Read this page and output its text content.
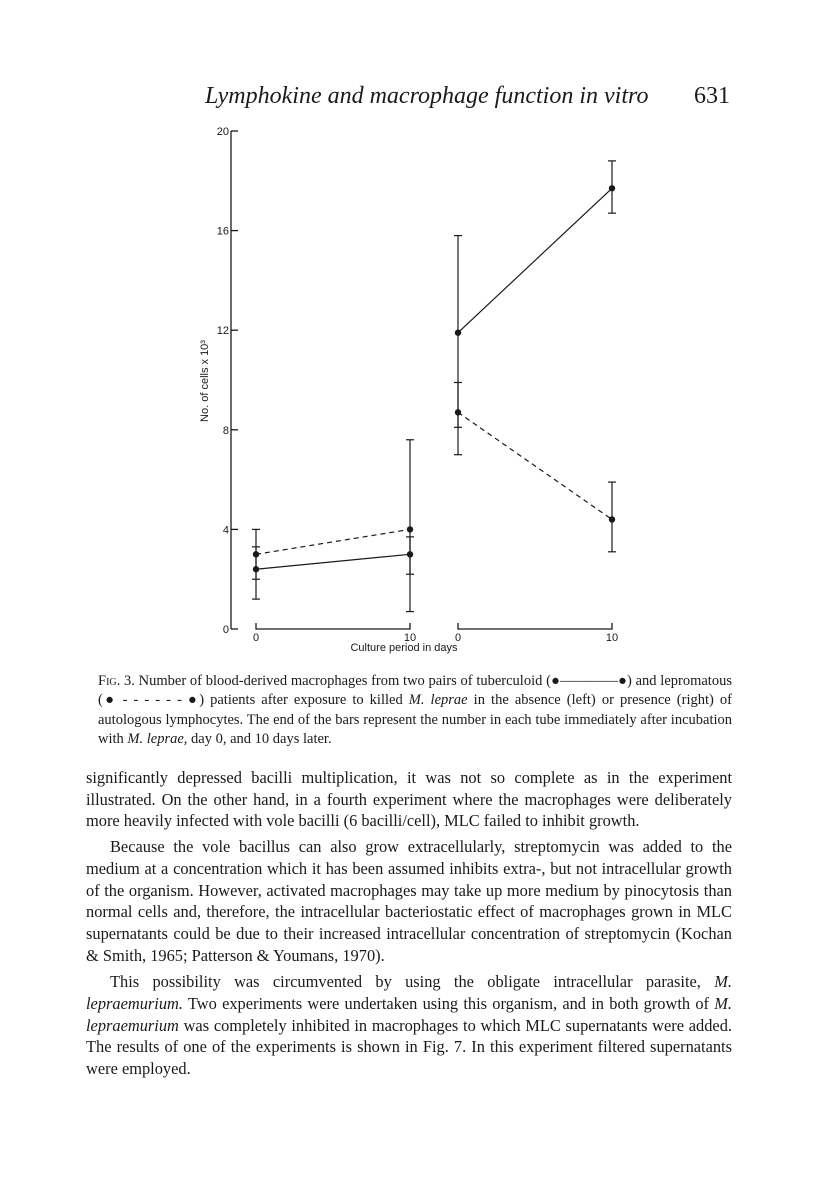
Lymphokine and macrophage function in vitro	631
0
4
8
12
16
20
0	10	0	10
No. of cells x 10³
Culture period in days
Fig. 3. Number of blood-derived macrophages from two pairs of tuberculoid (●————●) and lepromatous (● - - - - - - ●) patients after exposure to killed M. leprae in the absence (left) or presence (right) of autologous lymphocytes. The end of the bars represent the number in each tube immediately after incubation with M. leprae, day 0, and 10 days later.

significantly depressed bacilli multiplication, it was not so complete as in the experiment illustrated. On the other hand, in a fourth experiment where the macrophages were deliberately more heavily infected with vole bacilli (6 bacilli/cell), MLC failed to inhibit growth.

Because the vole bacillus can also grow extracellularly, streptomycin was added to the medium at a concentration which it has been assumed inhibits extra-, but not intracellular growth of the organism. However, activated macrophages may take up more medium by pinocytosis than normal cells and, therefore, the intracellular bacteriostatic effect of macrophages grown in MLC supernatants could be due to their increased intracellular concentration of streptomycin (Kochan & Smith, 1965; Patterson & Youmans, 1970).

This possibility was circumvented by using the obligate intracellular parasite, M. lepraemurium. Two experiments were undertaken using this organism, and in both growth of M. lepraemurium was completely inhibited in macrophages to which MLC supernatants were added. The results of one of the experiments is shown in Fig. 7. In this experiment filtered supernatants were employed.
